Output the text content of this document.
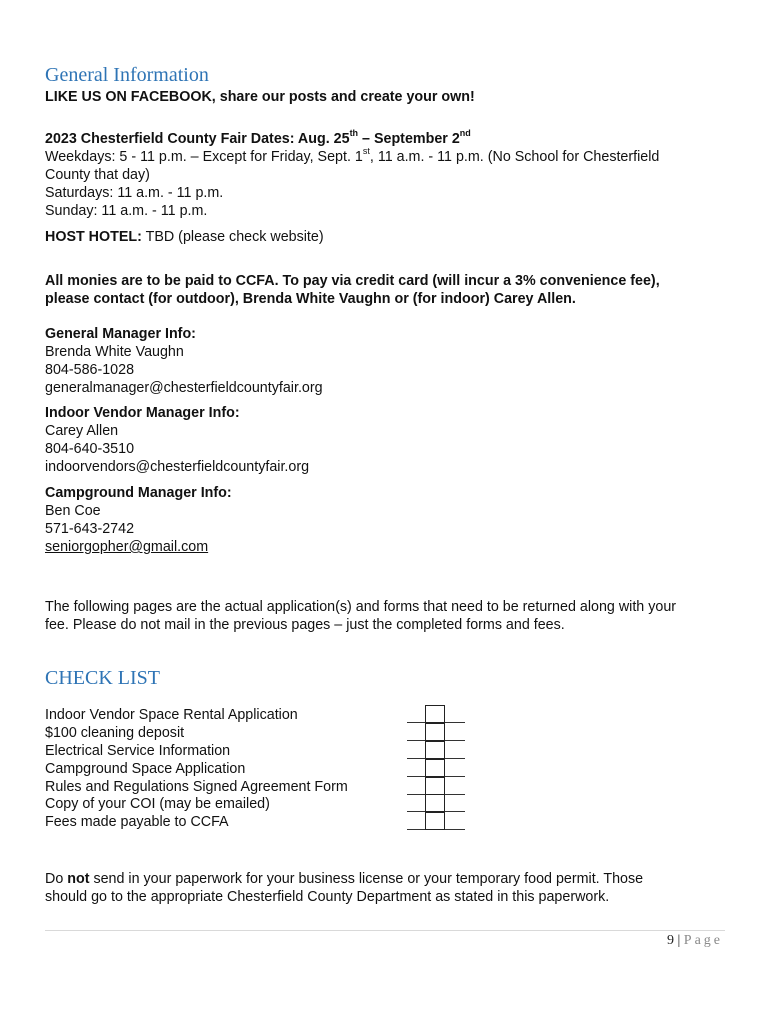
General Information
LIKE US ON FACEBOOK, share our posts and create your own!
2023 Chesterfield County Fair Dates: Aug. 25th – September 2nd
Weekdays: 5 - 11 p.m. – Except for Friday, Sept. 1st, 11 a.m. - 11 p.m. (No School for Chesterfield
County that day)
Saturdays: 11 a.m. - 11 p.m.
Sunday: 11 a.m. - 11 p.m.
HOST HOTEL: TBD (please check website)
All monies are to be paid to CCFA. To pay via credit card (will incur a 3% convenience fee),
please contact (for outdoor), Brenda White Vaughn or (for indoor) Carey Allen.
General Manager Info:
Brenda White Vaughn
804-586-1028
generalmanager@chesterfieldcountyfair.org
Indoor Vendor Manager Info:
Carey Allen
804-640-3510
indoorvendors@chesterfieldcountyfair.org
Campground Manager Info:
Ben Coe
571-643-2742
seniorgopher@gmail.com
The following pages are the actual application(s) and forms that need to be returned along with your
fee. Please do not mail in the previous pages – just the completed forms and fees.
CHECK LIST
Indoor Vendor Space Rental Application
$100 cleaning deposit
Electrical Service Information
Campground Space Application
Rules and Regulations Signed Agreement Form
Copy of your COI (may be emailed)
Fees made payable to CCFA
Do not send in your paperwork for your business license or your temporary food permit. Those
should go to the appropriate Chesterfield County Department as stated in this paperwork.
9 | Page
